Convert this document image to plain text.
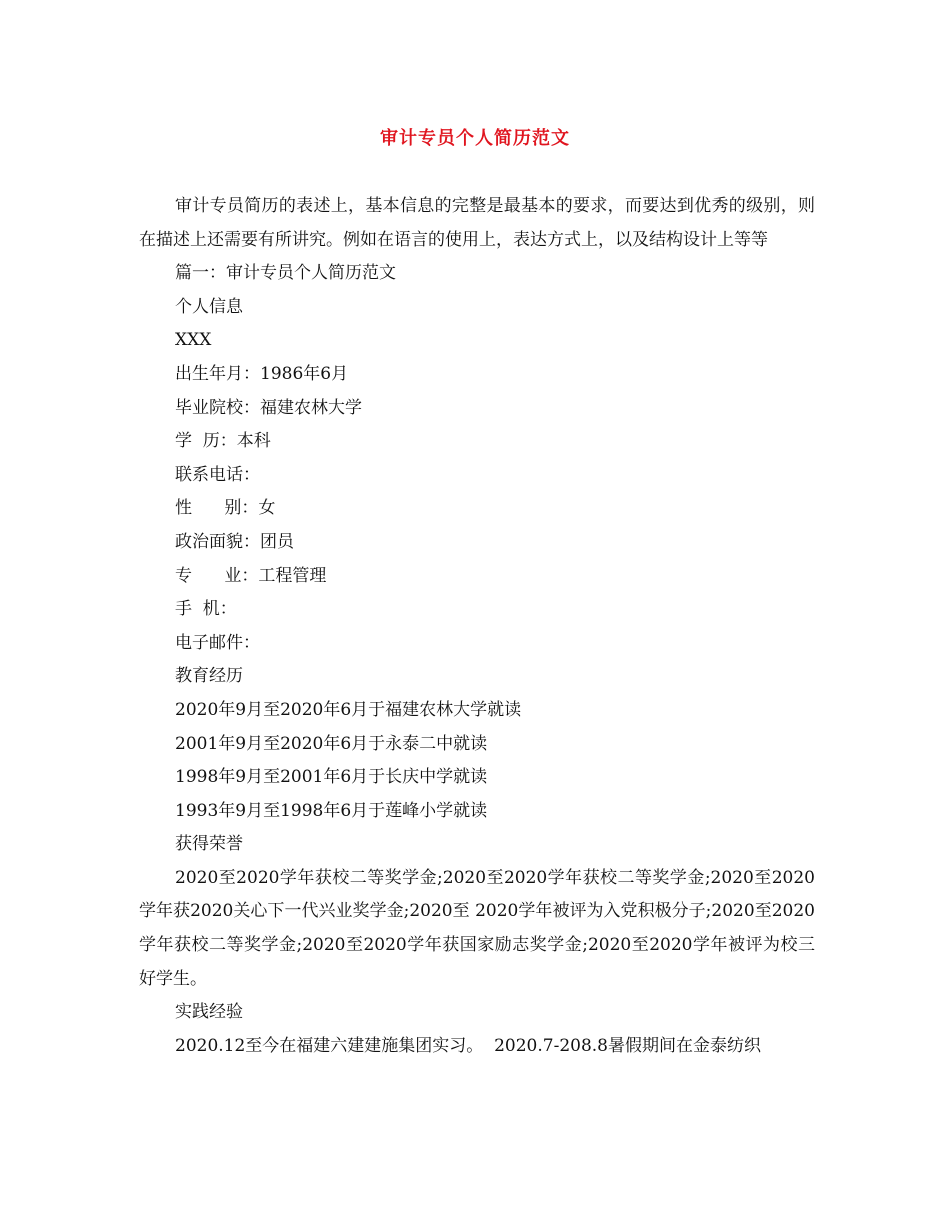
审计专员个人简历范文

审计专员简历的表述上，基本信息的完整是最基本的要求，而要达到优秀的级别，则在描述上还需要有所讲究。例如在语言的使用上，表达方式上，以及结构设计上等等

篇一：审计专员个人简历范文

个人信息

XXX

出生年月：1986年6月

毕业院校：福建农林大学

学  历：本科

联系电话：

性      别：女

政治面貌：团员

专      业：工程管理

手  机：

电子邮件：

教育经历

2020年9月至2020年6月于福建农林大学就读

2001年9月至2020年6月于永泰二中就读

1998年9月至2001年6月于长庆中学就读

1993年9月至1998年6月于莲峰小学就读

获得荣誉

2020至2020学年获校二等奖学金;2020至2020学年获校二等奖学金;2020至2020学年获2020关心下一代兴业奖学金;2020至 2020学年被评为入党积极分子;2020至2020学年获校二等奖学金;2020至2020学年获国家励志奖学金;2020至2020学年被评为校三好学生。

实践经验

2020.12至今在福建六建建施集团实习。  2020.7-208.8暑假期间在金泰纺织
